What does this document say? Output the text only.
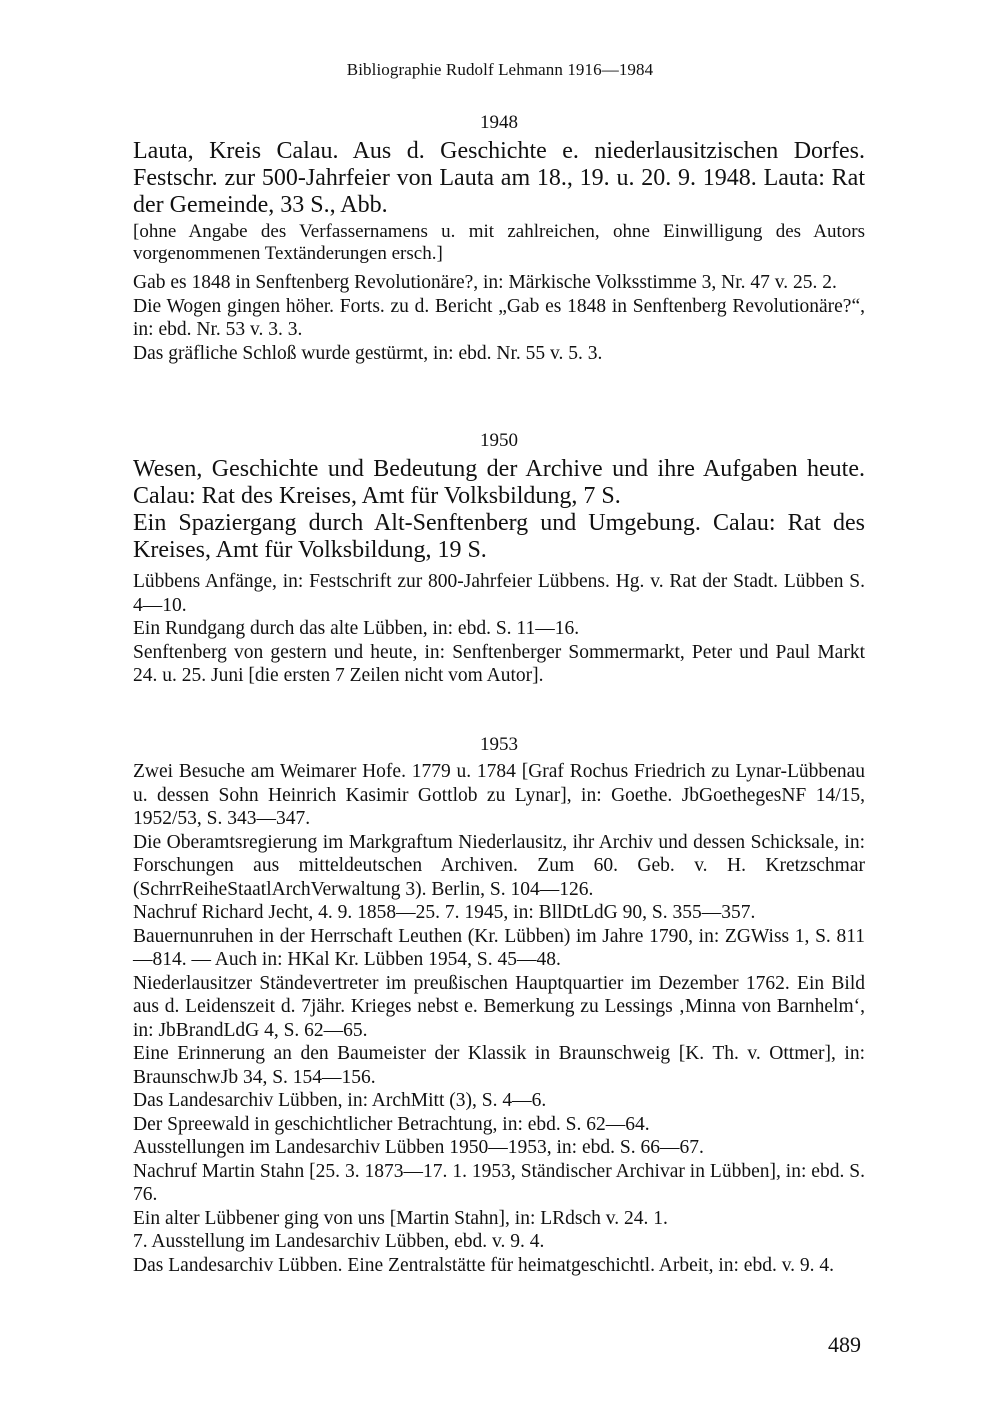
Bibliographie Rudolf Lehmann 1916—1984
1948

Lauta, Kreis Calau. Aus d. Geschichte e. niederlausitzischen Dorfes. Festschr. zur 500-Jahrfeier von Lauta am 18., 19. u. 20. 9. 1948. Lauta: Rat der Gemeinde, 33 S., Abb.

[ohne Angabe des Verfassernamens u. mit zahlreichen, ohne Einwilligung des Autors vorgenommenen Textänderungen ersch.]

Gab es 1848 in Senftenberg Revolutionäre?, in: Märkische Volksstimme 3, Nr. 47 v. 25. 2.

Die Wogen gingen höher. Forts. zu d. Bericht „Gab es 1848 in Senftenberg Revolutionäre?“, in: ebd. Nr. 53 v. 3. 3.

Das gräfliche Schloß wurde gestürmt, in: ebd. Nr. 55 v. 5. 3.

1950

Wesen, Geschichte und Bedeutung der Archive und ihre Aufgaben heute. Calau: Rat des Kreises, Amt für Volksbildung, 7 S.

Ein Spaziergang durch Alt-Senftenberg und Umgebung. Calau: Rat des Kreises, Amt für Volksbildung, 19 S.

Lübbens Anfänge, in: Festschrift zur 800-Jahrfeier Lübbens. Hg. v. Rat der Stadt. Lübben S. 4—10.

Ein Rundgang durch das alte Lübben, in: ebd. S. 11—16.

Senftenberg von gestern und heute, in: Senftenberger Sommermarkt, Peter und Paul Markt 24. u. 25. Juni [die ersten 7 Zeilen nicht vom Autor].

1953

Zwei Besuche am Weimarer Hofe. 1779 u. 1784 [Graf Rochus Friedrich zu Lynar-Lübbenau u. dessen Sohn Heinrich Kasimir Gottlob zu Lynar], in: Goethe. JbGoethegesNF 14/15, 1952/53, S. 343—347.

Die Oberamtsregierung im Markgraftum Niederlausitz, ihr Archiv und dessen Schicksale, in: Forschungen aus mitteldeutschen Archiven. Zum 60. Geb. v. H. Kretzschmar (SchrrReiheStaatlArchVerwaltung 3). Berlin, S. 104—126.

Nachruf Richard Jecht, 4. 9. 1858—25. 7. 1945, in: BllDtLdG 90, S. 355—357.

Bauernunruhen in der Herrschaft Leuthen (Kr. Lübben) im Jahre 1790, in: ZGWiss 1, S. 811—814. — Auch in: HKal Kr. Lübben 1954, S. 45—48.

Niederlausitzer Ständevertreter im preußischen Hauptquartier im Dezember 1762. Ein Bild aus d. Leidenszeit d. 7jähr. Krieges nebst e. Bemerkung zu Lessings ‚Minna von Barnhelm‘, in: JbBrandLdG 4, S. 62—65.

Eine Erinnerung an den Baumeister der Klassik in Braunschweig [K. Th. v. Ottmer], in: BraunschwJb 34, S. 154—156.

Das Landesarchiv Lübben, in: ArchMitt (3), S. 4—6.

Der Spreewald in geschichtlicher Betrachtung, in: ebd. S. 62—64.

Ausstellungen im Landesarchiv Lübben 1950—1953, in: ebd. S. 66—67.

Nachruf Martin Stahn [25. 3. 1873—17. 1. 1953, Ständischer Archivar in Lübben], in: ebd. S. 76.

Ein alter Lübbener ging von uns [Martin Stahn], in: LRdsch v. 24. 1.

7. Ausstellung im Landesarchiv Lübben, ebd. v. 9. 4.

Das Landesarchiv Lübben. Eine Zentralstätte für heimatgeschichtl. Arbeit, in: ebd. v. 9. 4.

489
